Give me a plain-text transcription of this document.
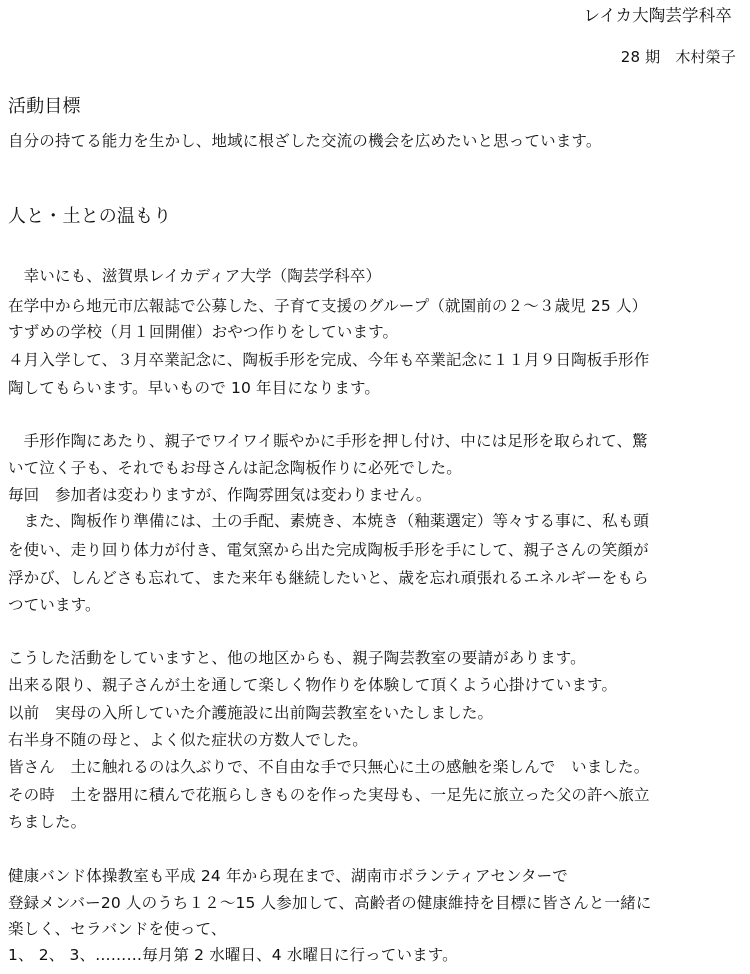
レイカ大陶芸学科卒
28 期　木村榮子
活動目標
自分の持てる能力を生かし、地域に根ざした交流の機会を広めたいと思っています。
人と・土との温もり
　幸いにも、滋賀県レイカディア大学（陶芸学科卒）
在学中から地元市広報誌で公募した、子育て支援のグループ（就園前の２～３歳児 25 人）
すずめの学校（月１回開催）おやつ作りをしています。
４月入学して、３月卒業記念に、陶板手形を完成、今年も卒業記念に１１月９日陶板手形作
陶してもらいます。早いもので 10 年目になります。
　手形作陶にあたり、親子でワイワイ賑やかに手形を押し付け、中には足形を取られて、驚
いて泣く子も、それでもお母さんは記念陶板作りに必死でした。
毎回　参加者は変わりますが、作陶雰囲気は変わりません。
　また、陶板作り準備には、土の手配、素焼き、本焼き（釉薬選定）等々する事に、私も頭
を使い、走り回り体力が付き、電気窯から出た完成陶板手形を手にして、親子さんの笑顔が
浮かび、しんどさも忘れて、また来年も継続したいと、歳を忘れ頑張れるエネルギーをもら
つています。
こうした活動をしていますと、他の地区からも、親子陶芸教室の要請があります。
出来る限り、親子さんが土を通して楽しく物作りを体験して頂くよう心掛けています。
以前　実母の入所していた介護施設に出前陶芸教室をいたしました。
右半身不随の母と、よく似た症状の方数人でした。
皆さん　土に触れるのは久ぶりで、不自由な手で只無心に土の感触を楽しんで　いました。
その時　土を器用に積んで花瓶らしきものを作った実母も、一足先に旅立った父の許へ旅立
ちました。
健康バンド体操教室も平成 24 年から現在まで、湖南市ボランティアセンターで
登録メンバー20 人のうち１２～15 人参加して、高齢者の健康維持を目標に皆さんと一緒に
楽しく、セラバンドを使って、
1、 2、 3、………毎月第 2 水曜日、4 水曜日に行っています。
